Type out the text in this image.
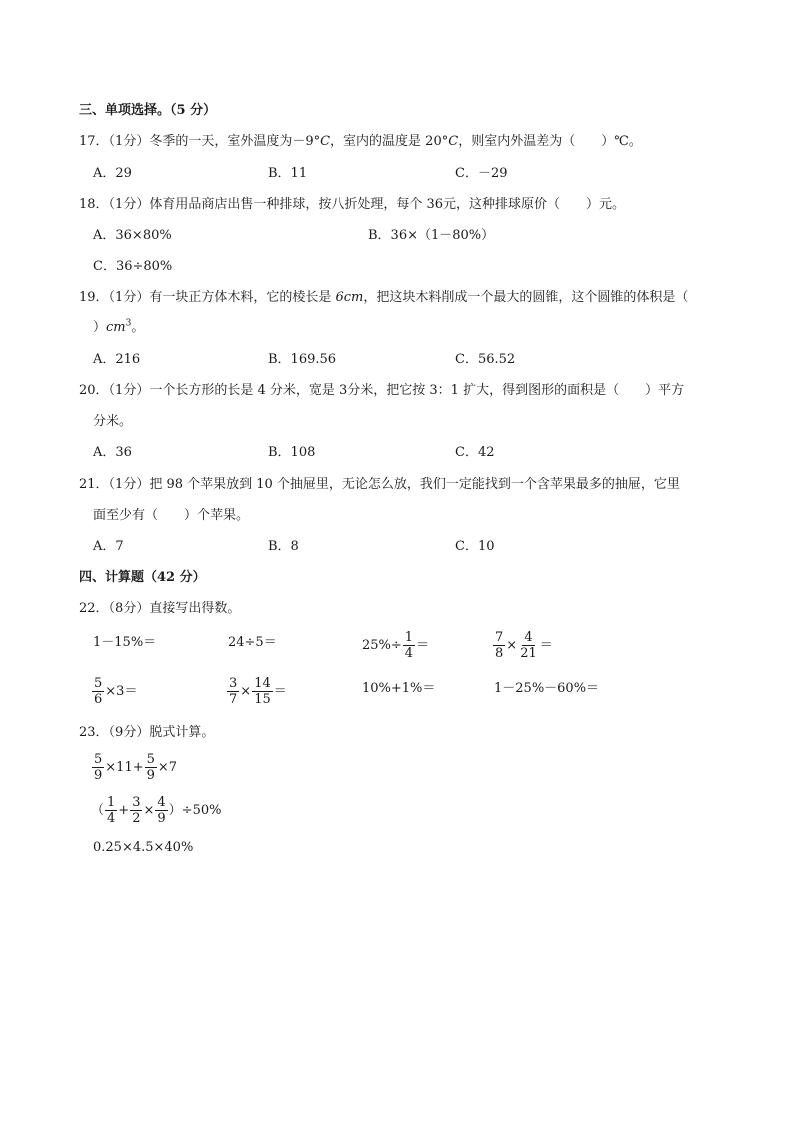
三、单项选择。（5 分）
17．（1分）冬季的一天，室外温度为－9°C，室内的温度是 20°C，则室内外温差为（　　）℃。
A．29	B．11	C．－29
18．（1分）体育用品商店出售一种排球，按八折处理，每个 36元，这种排球原价（　　）元。
A．36×80%	B．36×（1－80%）
C．36÷80%
19．（1分）有一块正方体木料，它的棱长是 6cm，把这块木料削成一个最大的圆锥，这个圆锥的体积是（
）$cm^3$。
A．216	B．169.56	C．56.52
20．（1分）一个长方形的长是 4 分米，宽是 3分米，把它按 3：1 扩大，得到图形的面积是（　　）平方
分米。
A．36	B．108	C．42
21．（1分）把 98 个苹果放到 10 个抽屉里，无论怎么放，我们一定能找到一个含苹果最多的抽屉，它里
面至少有（　　）个苹果。
A．7	B．8	C．10
四、计算题（42 分）
22．（8分）直接写出得数。
1－15%＝	24÷5＝	$25\%\div \frac{1}{4}$ ＝	$\frac{7}{8} \times \frac{4}{21}$ ＝
$\frac{5}{6} \times 3=$	$\frac{3}{7} \times \frac{14}{15}$ ＝	10%+1%＝	1－25%－60%＝
23．（9分）脱式计算。
$\frac{5}{9} \times 11+ \frac{5}{9} \times 7$
（ $\frac{1}{4} + \frac{3}{2} \times \frac{4}{9} )\div 50\%$
0.25×4.5×40%
